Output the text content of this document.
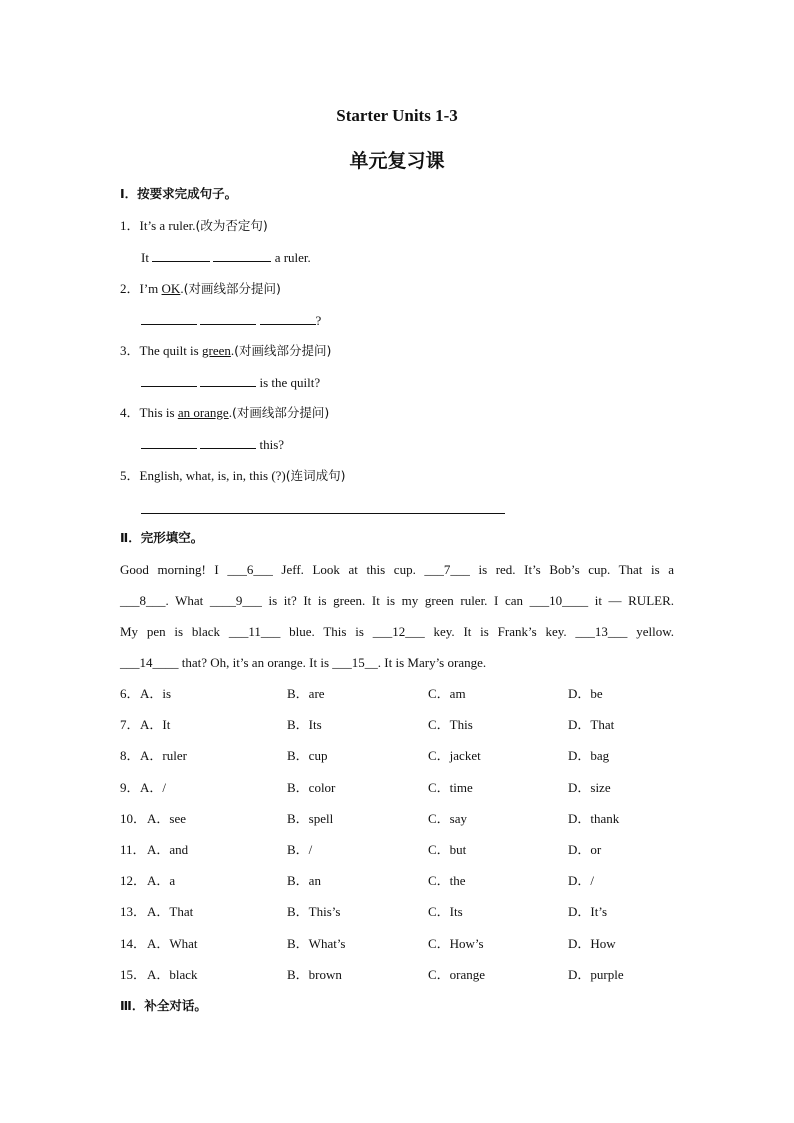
Starter Units 1-3
单元复习课
Ⅰ．按要求完成句子。
1．It’s a ruler.(改为否定句)
It	a ruler.
2．I’m OK.(对画线部分提问)
?
3．The quilt is green.(对画线部分提问)
is the quilt?
4．This is an orange.(对画线部分提问)
this?
5．English, what, is, in, this (?)(连词成句)
Ⅱ．完形填空。
Good morning! I ___6___ Jeff. Look at this cup. ___7___ is red. It’s Bob’s cup. That is a
___8___. What ____9___ is it? It is green. It is my green ruler. I can ___10____ it — RULER.
My pen is black ___11___ blue. This is ___12___ key. It is Frank’s key. ___13___ yellow.
___14____ that? Oh, it’s an orange. It is ___15__. It is Mary’s orange.
6． A．is	B．are	C．am	D．be
7． A．It	B．Its	C．This	D．That
8． A．ruler	B．cup	C．jacket	D．bag
9． A．/	B．color	C．time	D．size
10． A．see	B．spell	C．say	D．thank
11． A．and	B．/	C．but	D．or
12． A．a	B．an	C．the	D．/
13． A．That	B．This’s	C．Its	D．It’s
14． A．What	B．What’s	C．How’s	D．How
15． A．black	B．brown	C．orange	D．purple
Ⅲ．补全对话。
